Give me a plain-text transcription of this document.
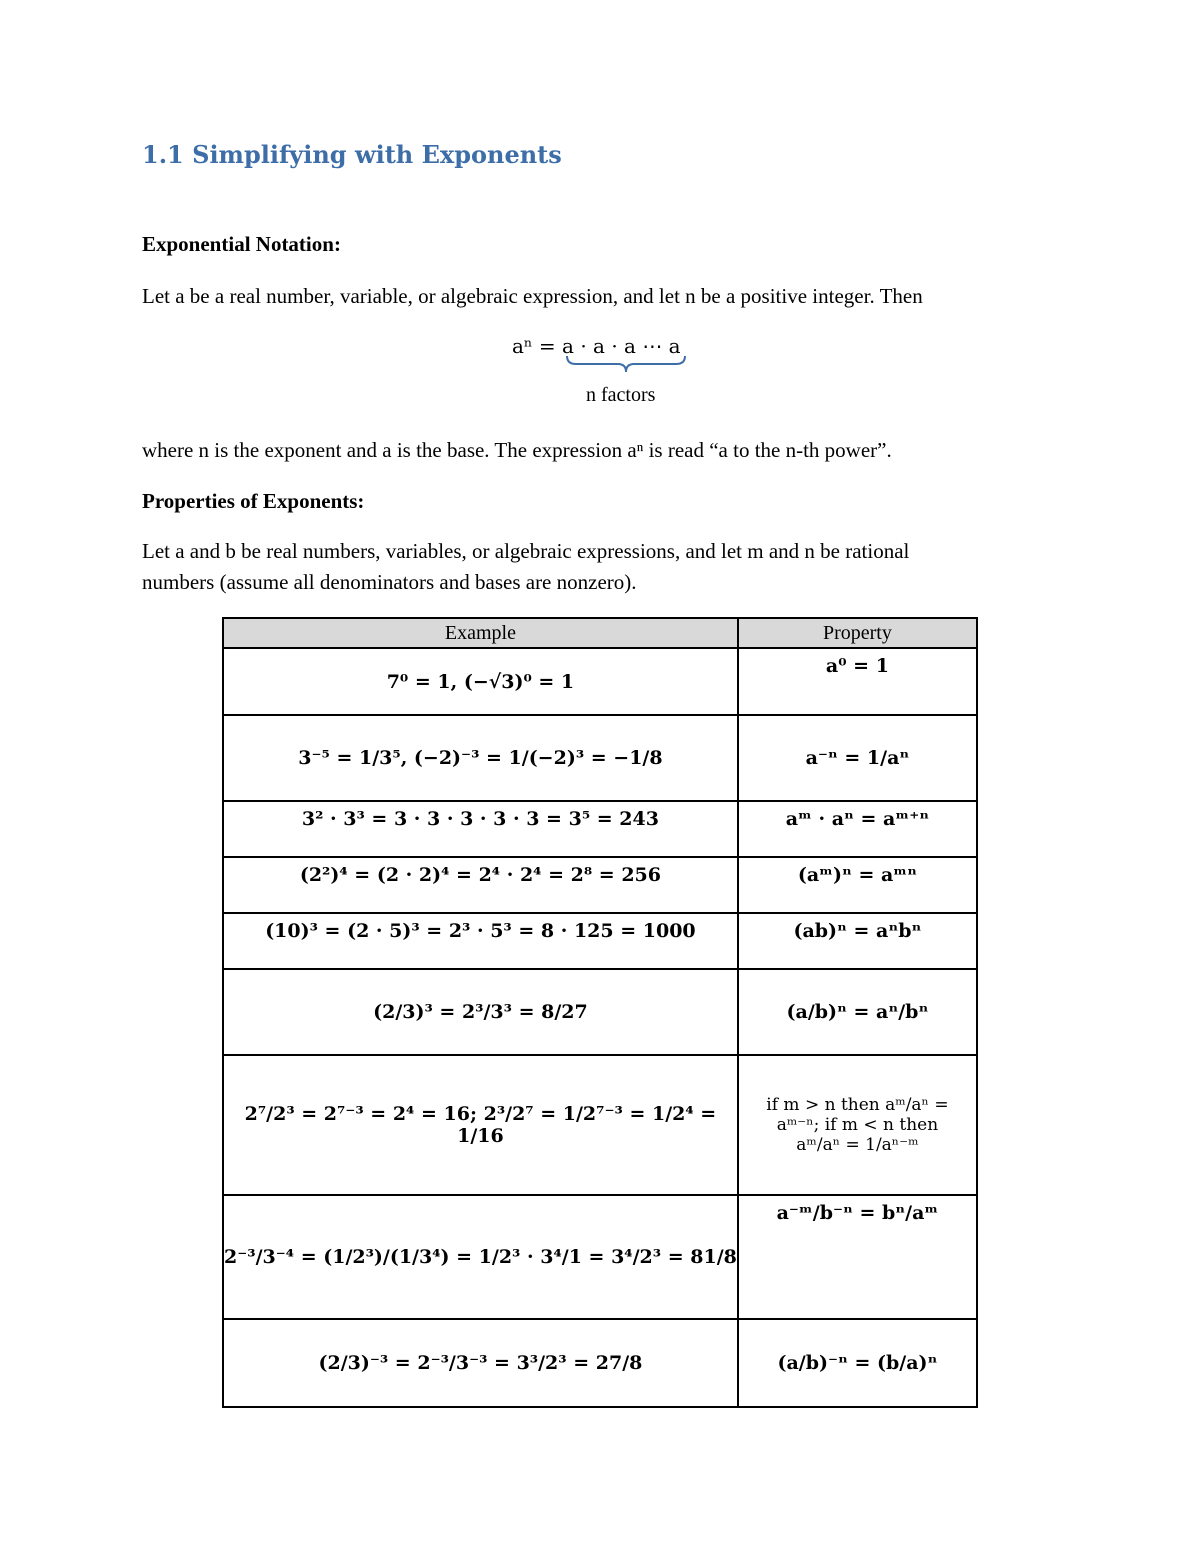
1.1 Simplifying with Exponents
Exponential Notation:
Let a be a real number, variable, or algebraic expression, and let n be a positive integer. Then
aⁿ = a · a · a ⋯ a
n factors
where n is the exponent and a is the base. The expression aⁿ is read “a to the n-th power”.
Properties of Exponents:
Let a and b be real numbers, variables, or algebraic expressions, and let m and n be rational
numbers (assume all denominators and bases are nonzero).
Example	Property

7⁰ = 1, (−√3)⁰ = 1	a⁰ = 1

3⁻⁵ = 1/3⁵, (−2)⁻³ = 1/(−2)³ = −1/8	a⁻ⁿ = 1/aⁿ

3² · 3³ = 3 · 3 · 3 · 3 · 3 = 3⁵ = 243	aᵐ · aⁿ = aᵐ⁺ⁿ

(2²)⁴ = (2 · 2)⁴ = 2⁴ · 2⁴ = 2⁸ = 256	(aᵐ)ⁿ = aᵐⁿ

(10)³ = (2 · 5)³ = 2³ · 5³ = 8 · 125 = 1000	(ab)ⁿ = aⁿbⁿ

(2/3)³ = 2³/3³ = 8/27	(a/b)ⁿ = aⁿ/bⁿ

2⁷/2³ = 2⁷⁻³ = 2⁴ = 16; 2³/2⁷ = 1/2⁷⁻³ = 1/2⁴ = 1/16	if m > n then aᵐ/aⁿ = aᵐ⁻ⁿ; if m < n then aᵐ/aⁿ = 1/aⁿ⁻ᵐ

2⁻³/3⁻⁴ = (1/2³)/(1/3⁴) = 1/2³ · 3⁴/1 = 3⁴/2³ = 81/8	a⁻ᵐ/b⁻ⁿ = bⁿ/aᵐ

(2/3)⁻³ = 2⁻³/3⁻³ = 3³/2³ = 27/8	(a/b)⁻ⁿ = (b/a)ⁿ
